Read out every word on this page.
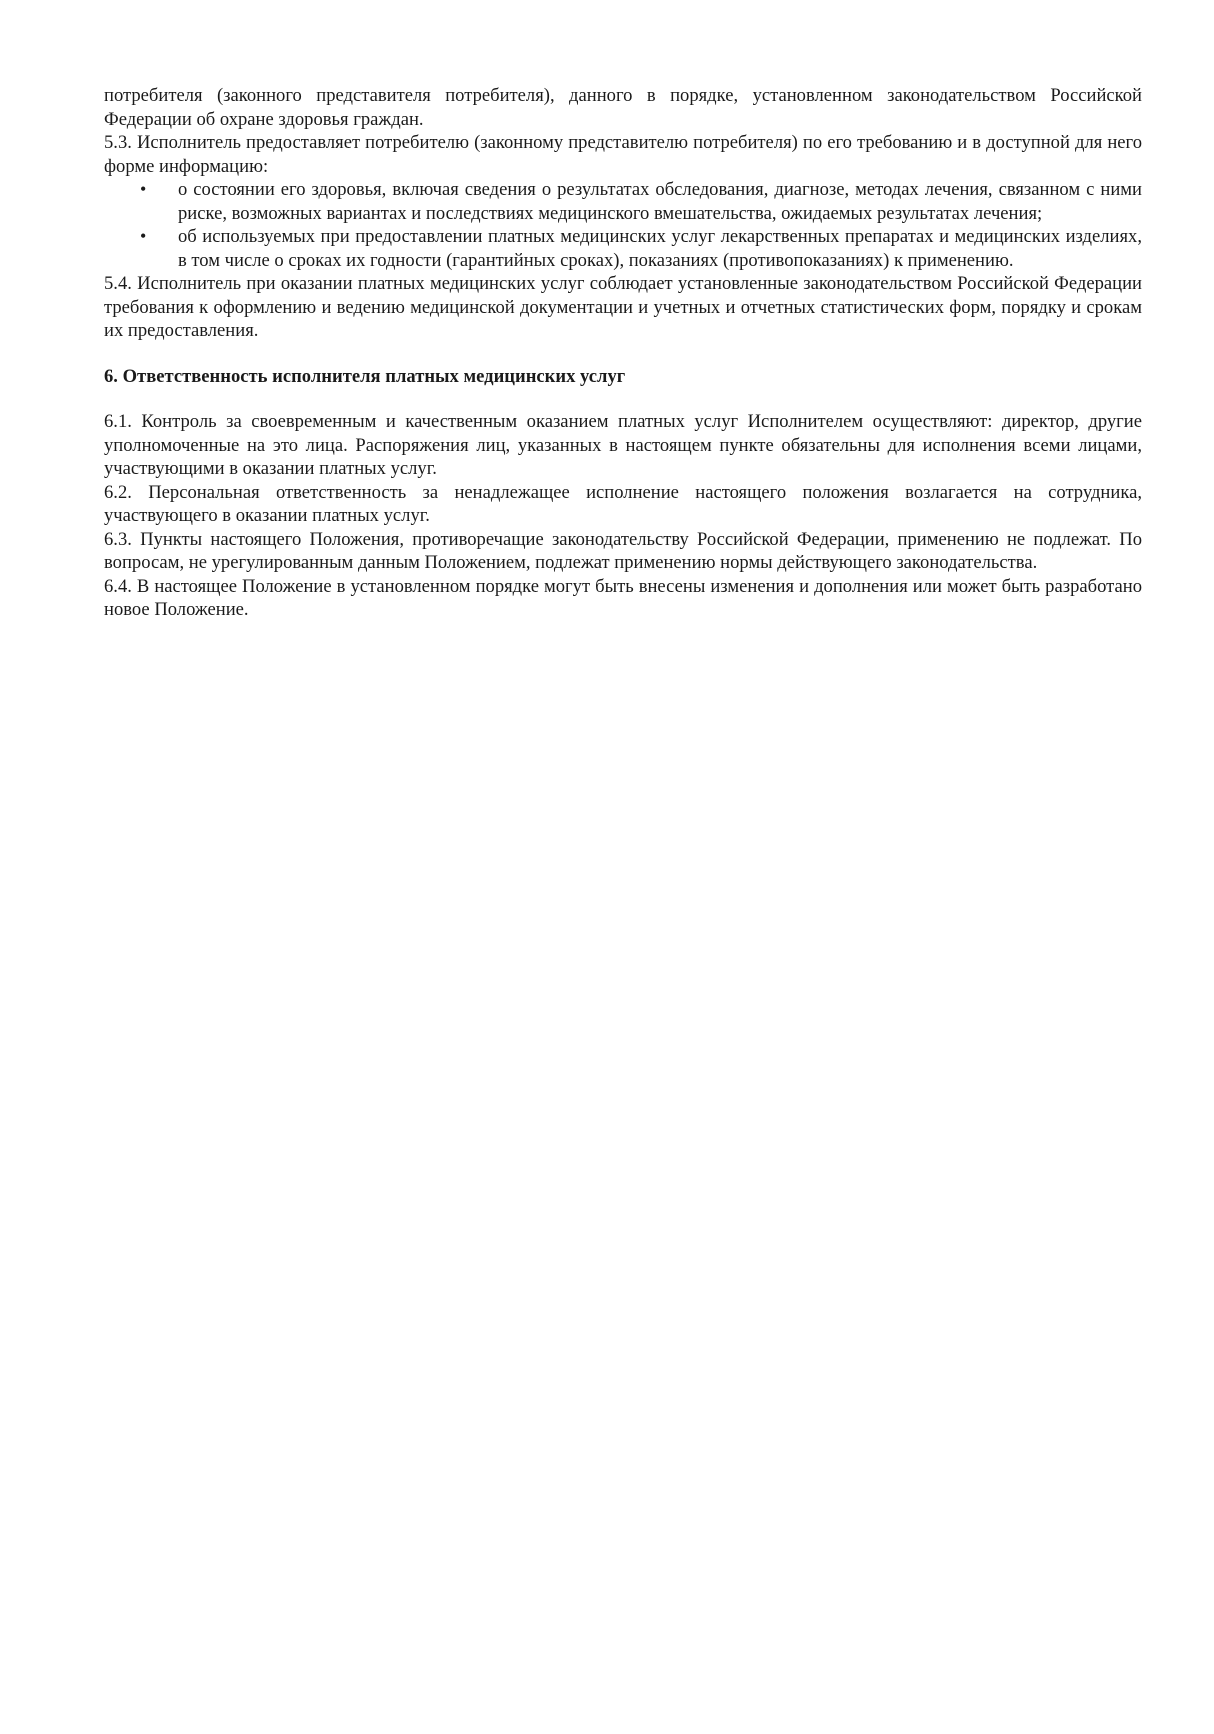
потребителя (законного представителя потребителя), данного в порядке, установленном законодательством Российской Федерации об охране здоровья граждан.

5.3. Исполнитель предоставляет потребителю (законному представителю потребителя) по его требованию и в доступной для него форме информацию:

• о состоянии его здоровья, включая сведения о результатах обследования, диагнозе, методах лечения, связанном с ними риске, возможных вариантах и последствиях медицинского вмешательства, ожидаемых результатах лечения;
• об используемых при предоставлении платных медицинских услуг лекарственных препаратах и медицинских изделиях, в том числе о сроках их годности (гарантийных сроках), показаниях (противопоказаниях) к применению.

5.4. Исполнитель при оказании платных медицинских услуг соблюдает установленные законодательством Российской Федерации требования к оформлению и ведению медицинской документации и учетных и отчетных статистических форм, порядку и срокам их предоставления.

6. Ответственность исполнителя платных медицинских услуг

6.1. Контроль за своевременным и качественным оказанием платных услуг Исполнителем осуществляют: директор, другие уполномоченные на это лица. Распоряжения лиц, указанных в настоящем пункте обязательны для исполнения всеми лицами, участвующими в оказании платных услуг.

6.2. Персональная ответственность за ненадлежащее исполнение настоящего положения возлагается на сотрудника, участвующего в оказании платных услуг.

6.3. Пункты настоящего Положения, противоречащие законодательству Российской Федерации, применению не подлежат. По вопросам, не урегулированным данным Положением, подлежат применению нормы действующего законодательства.

6.4. В настоящее Положение в установленном порядке могут быть внесены изменения и дополнения или может быть разработано новое Положение.
